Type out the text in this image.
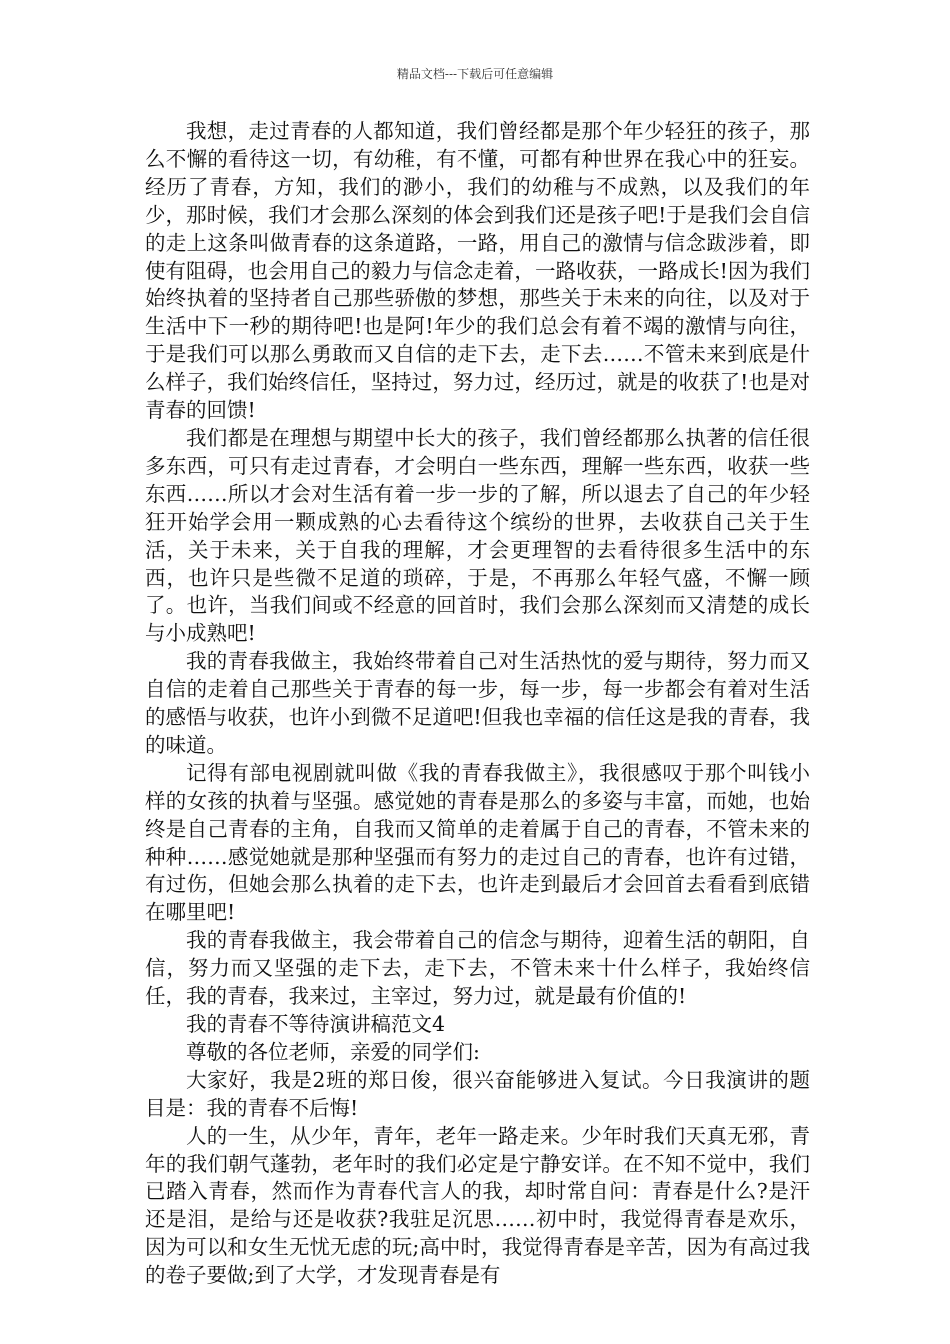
精品文档---下载后可任意编辑

我想，走过青春的人都知道，我们曾经都是那个年少轻狂的孩子，那么不懈的看待这一切，有幼稚，有不懂，可都有种世界在我心中的狂妄。经历了青春，方知，我们的渺小，我们的幼稚与不成熟，以及我们的年少，那时候，我们才会那么深刻的体会到我们还是孩子吧!于是我们会自信的走上这条叫做青春的这条道路，一路，用自己的激情与信念跋涉着，即使有阻碍，也会用自己的毅力与信念走着，一路收获，一路成长!因为我们始终执着的坚持者自己那些骄傲的梦想，那些关于未来的向往，以及对于生活中下一秒的期待吧!也是阿!年少的我们总会有着不竭的激情与向往，于是我们可以那么勇敢而又自信的走下去，走下去……不管未来到底是什么样子，我们始终信任，坚持过，努力过，经历过，就是的收获了!也是对青春的回馈!

我们都是在理想与期望中长大的孩子，我们曾经都那么执著的信任很多东西，可只有走过青春，才会明白一些东西，理解一些东西，收获一些东西……所以才会对生活有着一步一步的了解，所以退去了自己的年少轻狂开始学会用一颗成熟的心去看待这个缤纷的世界，去收获自己关于生活，关于未来，关于自我的理解，才会更理智的去看待很多生活中的东西，也许只是些微不足道的琐碎，于是，不再那么年轻气盛，不懈一顾了。也许，当我们间或不经意的回首时，我们会那么深刻而又清楚的成长与小成熟吧!

我的青春我做主，我始终带着自己对生活热忱的爱与期待，努力而又自信的走着自己那些关于青春的每一步，每一步，每一步都会有着对生活的感悟与收获，也许小到微不足道吧!但我也幸福的信任这是我的青春，我的味道。

记得有部电视剧就叫做《我的青春我做主》，我很感叹于那个叫钱小样的女孩的执着与坚强。感觉她的青春是那么的多姿与丰富，而她，也始终是自己青春的主角，自我而又简单的走着属于自己的青春，不管未来的种种……感觉她就是那种坚强而有努力的走过自己的青春，也许有过错，有过伤，但她会那么执着的走下去，也许走到最后才会回首去看看到底错在哪里吧!

我的青春我做主，我会带着自己的信念与期待，迎着生活的朝阳，自信，努力而又坚强的走下去，走下去，不管未来十什么样子，我始终信任，我的青春，我来过，主宰过，努力过，就是最有价值的!

我的青春不等待演讲稿范文4

尊敬的各位老师，亲爱的同学们:

大家好，我是2班的郑日俊，很兴奋能够进入复试。今日我演讲的题目是：我的青春不后悔!

人的一生，从少年，青年，老年一路走来。少年时我们天真无邪，青年的我们朝气蓬勃，老年时的我们必定是宁静安详。在不知不觉中，我们已踏入青春，然而作为青春代言人的我，却时常自问：青春是什么?是汗还是泪，是给与还是收获?我驻足沉思……初中时，我觉得青春是欢乐，因为可以和女生无忧无虑的玩;高中时，我觉得青春是辛苦，因为有高过我的卷子要做;到了大学，才发现青春是有
